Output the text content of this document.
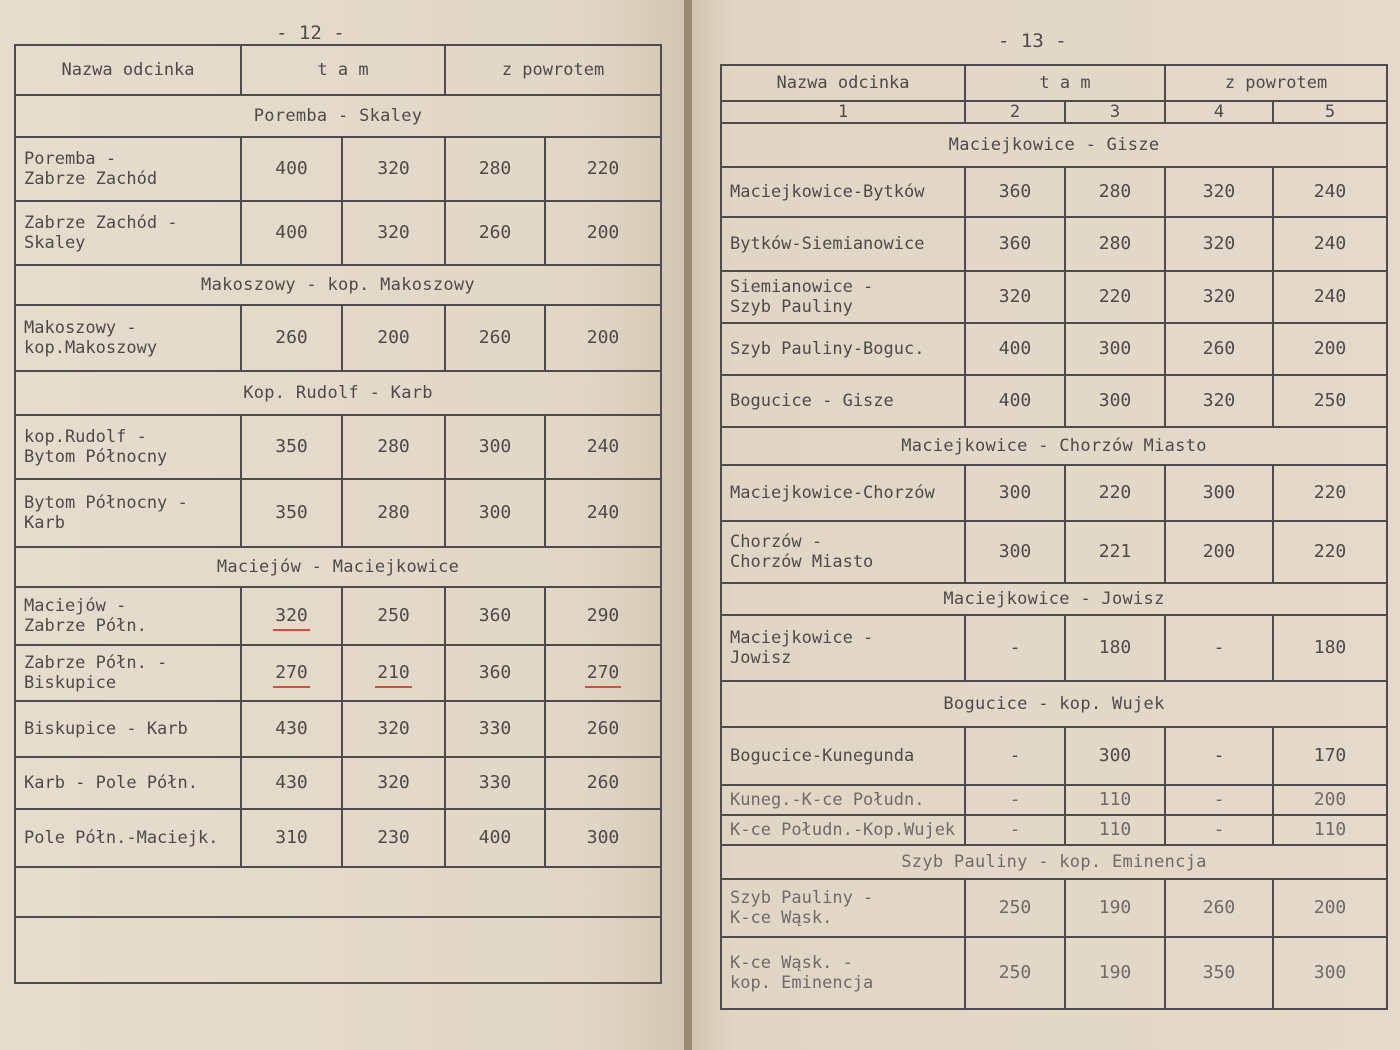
- 12 -
Nazwa odcinka	t a m		z powrotem	
Poremba - Skaley				
Poremba -
Zabrze Zachód	400	320	280	220
Zabrze Zachód -
Skaley	400	320	260	200
Makoszowy - kop. Makoszowy				
Makoszowy -
kop.Makoszowy	260	200	260	200
Kop. Rudolf - Karb				
kop.Rudolf -
Bytom Północny	350	280	300	240
Bytom Północny -
Karb	350	280	300	240
Maciejów - Maciejkowice				
Maciejów -
Zabrze Półn.	320	250	360	290
Zabrze Półn. -
Biskupice	270	210	360	270
Biskupice - Karb	430	320	330	260
Karb - Pole Półn.	430	320	330	260
Pole Półn.-Maciejk.	310	230	400	300

- 13 -
Nazwa odcinka	t a m		z powrotem	
1	2	3	4	5
Maciejkowice - Gisze				
Maciejkowice-Bytków	360	280	320	240
Bytków-Siemianowice	360	280	320	240
Siemianowice -
Szyb Pauliny	320	220	320	240
Szyb Pauliny-Boguc.	400	300	260	200
Bogucice - Gisze	400	300	320	250
Maciejkowice - Chorzów Miasto				
Maciejkowice-Chorzów	300	220	300	220
Chorzów -
Chorzów Miasto	300	221	200	220
Maciejkowice - Jowisz				
Maciejkowice -
Jowisz	-	180	-	180
Bogucice - kop. Wujek				
Bogucice-Kunegunda	-	300	-	170
Kuneg.-K-ce Połudn.	-	110	-	200
K-ce Połudn.-Kop.Wujek	-	110	-	110
Szyb Pauliny - kop. Eminencja				
Szyb Pauliny -
K-ce Wąsk.	250	190	260	200
K-ce Wąsk. -
kop. Eminencja	250	190	350	300
